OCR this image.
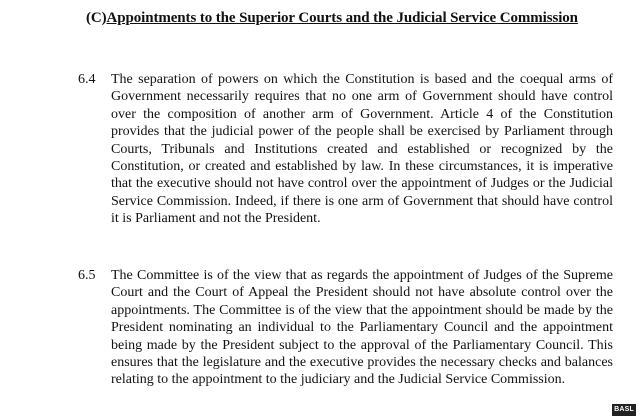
(C)Appointments to the Superior Courts and the Judicial Service Commission
6.4 The separation of powers on which the Constitution is based and the coequal arms of Government necessarily requires that no one arm of Government should have control over the composition of another arm of Government. Article 4 of the Constitution provides that the judicial power of the people shall be exercised by Parliament through Courts, Tribunals and Institutions created and established or recognized by the Constitution, or created and established by law. In these circumstances, it is imperative that the executive should not have control over the appointment of Judges or the Judicial Service Commission. Indeed, if there is one arm of Government that should have control it is Parliament and not the President.
6.5 The Committee is of the view that as regards the appointment of Judges of the Supreme Court and the Court of Appeal the President should not have absolute control over the appointments. The Committee is of the view that the appointment should be made by the President nominating an individual to the Parliamentary Council and the appointment being made by the President subject to the approval of the Parliamentary Council. This ensures that the legislature and the executive provides the necessary checks and balances relating to the appointment to the judiciary and the Judicial Service Commission.
BASL
